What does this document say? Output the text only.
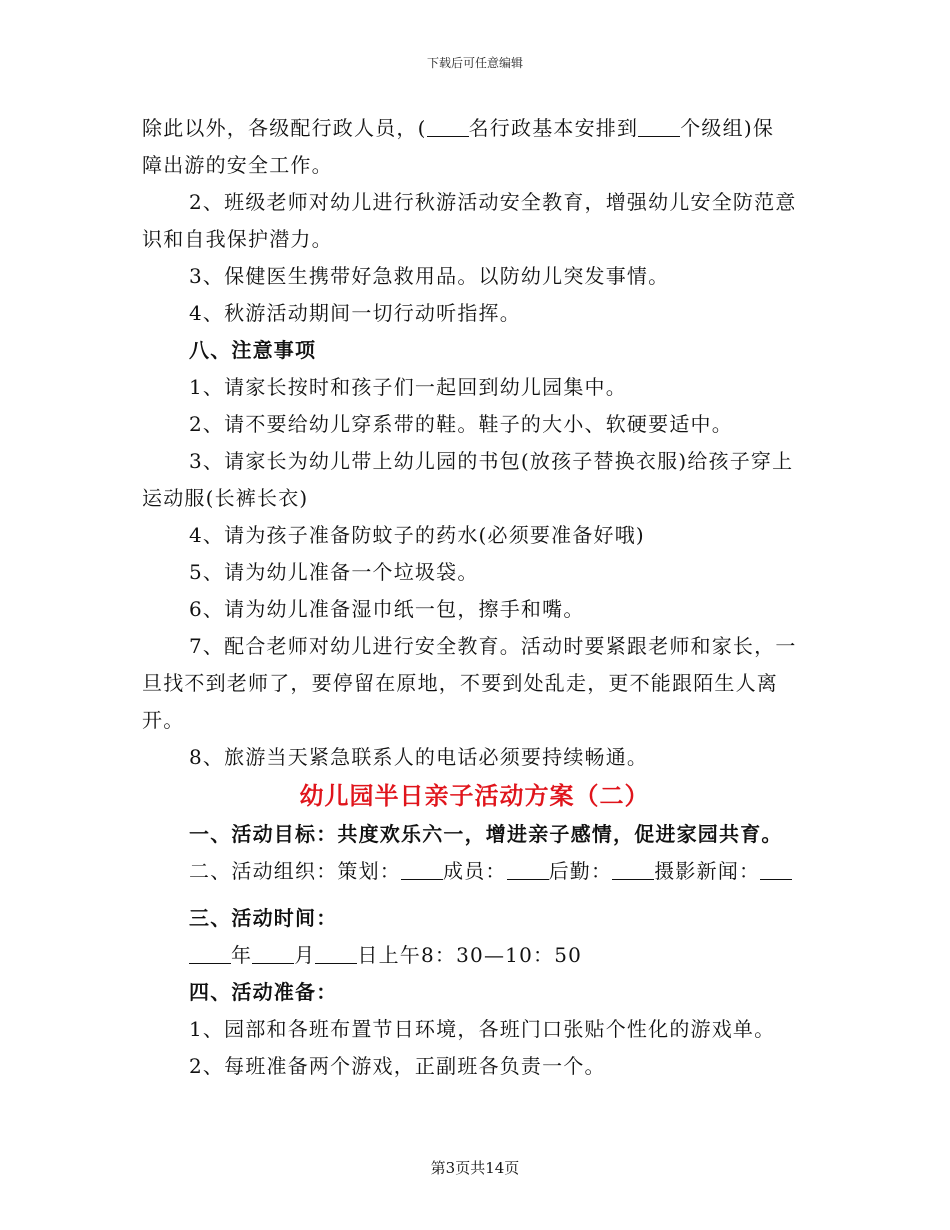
下载后可任意编辑

除此以外，各级配行政人员，( 名行政基本安排到 个级组)保
障出游的安全工作。

2、班级老师对幼儿进行秋游活动安全教育，增强幼儿安全防范意识和自我保护潜力。

3、保健医生携带好急救用品。以防幼儿突发事情。

4、秋游活动期间一切行动听指挥。

八、注意事项

1、请家长按时和孩子们一起回到幼儿园集中。

2、请不要给幼儿穿系带的鞋。鞋子的大小、软硬要适中。

3、请家长为幼儿带上幼儿园的书包(放孩子替换衣服)给孩子穿上运动服(长裤长衣)

4、请为孩子准备防蚊子的药水(必须要准备好哦)

5、请为幼儿准备一个垃圾袋。

6、请为幼儿准备湿巾纸一包，擦手和嘴。

7、配合老师对幼儿进行安全教育。活动时要紧跟老师和家长，一旦找不到老师了，要停留在原地，不要到处乱走，更不能跟陌生人离开。

8、旅游当天紧急联系人的电话必须要持续畅通。

幼儿园半日亲子活动方案（二）

一、活动目标：共度欢乐六一，增进亲子感情，促进家园共育。

二、活动组织：策划： 成员： 后勤： 摄影新闻：

三、活动时间：

年 月 日上午8：30—10：50

四、活动准备：

1、园部和各班布置节日环境，各班门口张贴个性化的游戏单。

2、每班准备两个游戏，正副班各负责一个。

第3页共14页
